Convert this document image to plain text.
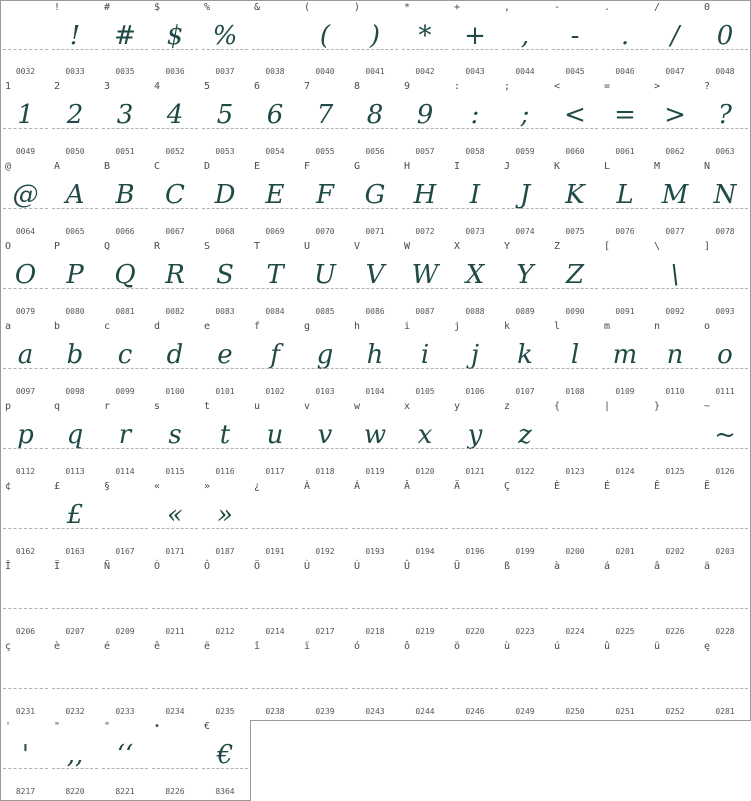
0032
!
!
0033
#
#
0035
$
$
0036
%
%
0037
&
0038
(
(
0040
)
)
0041
*
*
0042
+
+
0043
,
,
0044
-
-
0045
.
.
0046
/
/
0047
0
0
0048
1
1
0049
2
2
0050
3
3
0051
4
4
0052
5
5
0053
6
6
0054
7
7
0055
8
8
0056
9
9
0057
:
:
0058
;
;
0059
<
<
0060
=
=
0061
>
>
0062
?
?
0063
@
@
0064
A
A
0065
B
B
0066
C
C
0067
D
D
0068
E
E
0069
F
F
0070
G
G
0071
H
H
0072
I
I
0073
J
J
0074
K
K
0075
L
L
0076
M
M
0077
N
N
0078
O
O
0079
P
P
0080
Q
Q
0081
R
R
0082
S
S
0083
T
T
0084
U
U
0085
V
V
0086
W
W
0087
X
X
0088
Y
Y
0089
Z
Z
0090
[
0091
\
\
0092
]
0093
a
a
0097
b
b
0098
c
c
0099
d
d
0100
e
e
0101
f
f
0102
g
g
0103
h
h
0104
i
i
0105
j
j
0106
k
k
0107
l
l
0108
m
m
0109
n
n
0110
o
o
0111
p
p
0112
q
q
0113
r
r
0114
s
s
0115
t
t
0116
u
u
0117
v
v
0118
w
w
0119
x
x
0120
y
y
0121
z
z
0122
{
0123
|
0124
}
0125
~
~
0126
¢
0162
£
£
0163
§
0167
«
«
0171
»
»
0187
¿
0191
À
0192
Á
0193
Â
0194
Ä
0196
Ç
0199
È
0200
É
0201
Ê
0202
Ë
0203
Î
0206
Ï
0207
Ñ
0209
Ó
0211
Ô
0212
Ö
0214
Ù
0217
Ú
0218
Û
0219
Ü
0220
ß
0223
à
0224
á
0225
â
0226
ä
0228
ç
0231
è
0232
é
0233
ê
0234
ë
0235
î
0238
ï
0239
ó
0243
ô
0244
ö
0246
ù
0249
ú
0250
û
0251
ü
0252
ę
0281
'
'
8217
"
,,
8220
"
‘‘
8221
•
8226
€
€
8364
